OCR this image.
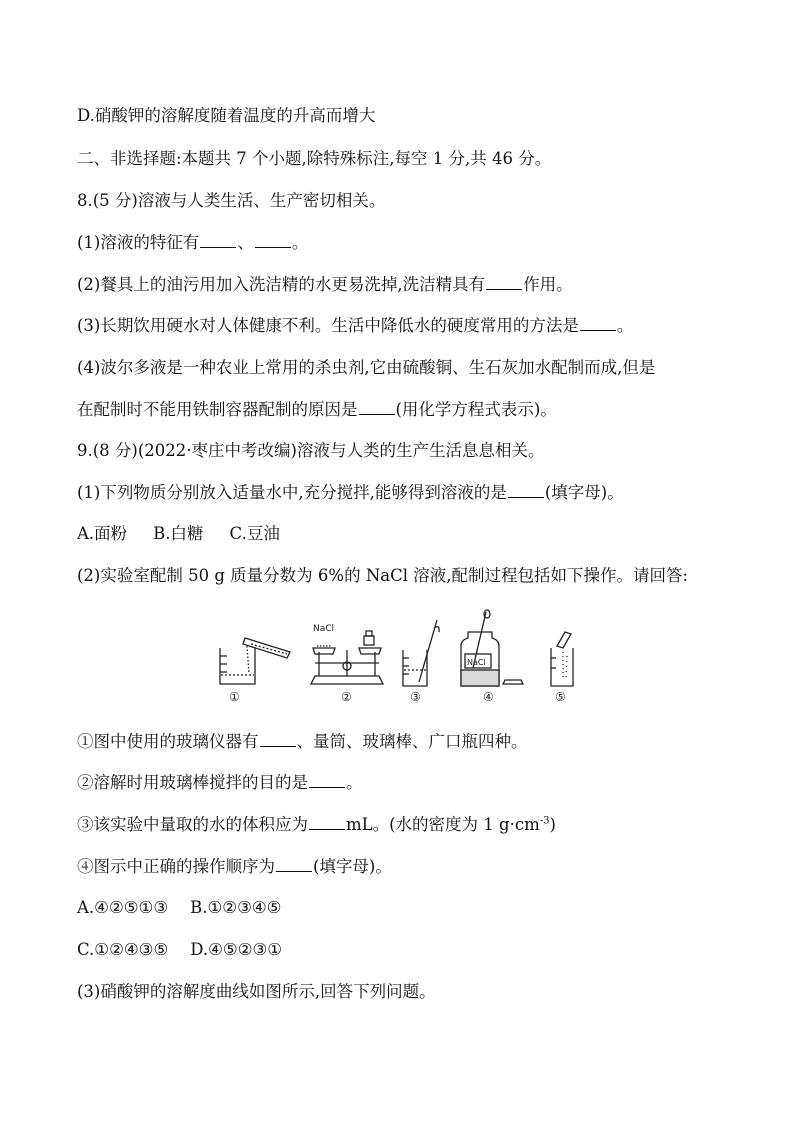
D.硝酸钾的溶解度随着温度的升高而增大
二、非选择题:本题共 7 个小题,除特殊标注,每空 1 分,共 46 分。
8.(5 分)溶液与人类生活、生产密切相关。
(1)溶液的特征有 、 。
(2)餐具上的油污用加入洗洁精的水更易洗掉,洗洁精具有 作用。
(3)长期饮用硬水对人体健康不利。生活中降低水的硬度常用的方法是 。
(4)波尔多液是一种农业上常用的杀虫剂,它由硫酸铜、生石灰加水配制而成,但是
在配制时不能用铁制容器配制的原因是 (用化学方程式表示)。
9.(8 分)(2022·枣庄中考改编)溶液与人类的生产生活息息相关。
(1)下列物质分别放入适量水中,充分搅拌,能够得到溶液的是 (填字母)。
A.面粉 B.白糖 C.豆油
(2)实验室配制 50 g 质量分数为 6%的 NaCl 溶液,配制过程包括如下操作。请回答:
①
NaCl
②	③
NaCl
④	⑤
①图中使用的玻璃仪器有 、量筒、玻璃棒、广口瓶四种。
②溶解时用玻璃棒搅拌的目的是 。
③该实验中量取的水的体积应为 mL。(水的密度为 1 $g\cdot cm^{-3}$)
④图示中正确的操作顺序为 (填字母)。
A.④②⑤①③ B.①②③④⑤
C.①②④③⑤ D.④⑤②③①
(3)硝酸钾的溶解度曲线如图所示,回答下列问题。
